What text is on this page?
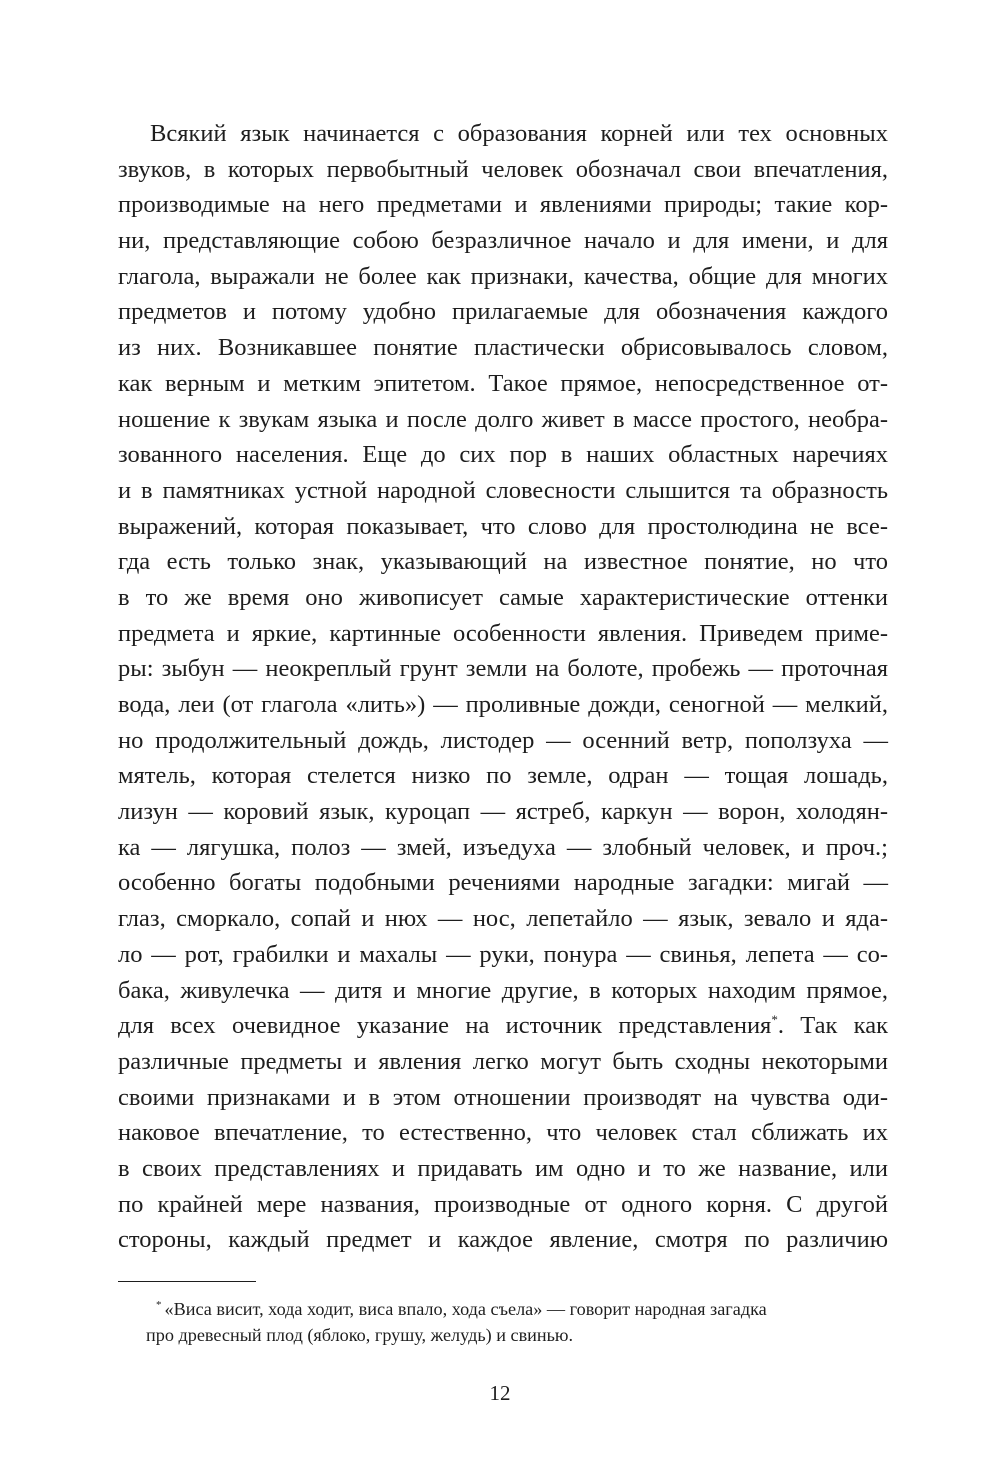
Всякий язык начинается с образования корней или тех основных
звуков, в которых первобытный человек обозначал свои впечатления,
производимые на него предметами и явлениями природы; такие кор-
ни, представляющие собою безразличное начало и для имени, и для
глагола, выражали не более как признаки, качества, общие для многих
предметов и потому удобно прилагаемые для обозначения каждого
из них. Возникавшее понятие пластически обрисовывалось словом,
как верным и метким эпитетом. Такое прямое, непосредственное от-
ношение к звукам языка и после долго живет в массе простого, необра-
зованного населения. Еще до сих пор в наших областных наречиях
и в памятниках устной народной словесности слышится та образность
выражений, которая показывает, что слово для простолюдина не все-
гда есть только знак, указывающий на известное понятие, но что
в то же время оно живописует самые характеристические оттенки
предмета и яркие, картинные особенности явления. Приведем приме-
ры: зыбун — неокреплый грунт земли на болоте, пробежь — проточная
вода, леи (от глагола «лить») — проливные дожди, сеногной — мелкий,
но продолжительный дождь, листодер — осенний ветр, поползуха —
мятель, которая стелется низко по земле, одран — тощая лошадь,
лизун — коровий язык, куроцап — ястреб, каркун — ворон, холодян-
ка — лягушка, полоз — змей, изъедуха — злобный человек, и проч.;
особенно богаты подобными речениями народные загадки: мигай —
глаз, сморкало, сопай и нюх — нос, лепетайло — язык, зевало и яда-
ло — рот, грабилки и махалы — руки, понура — свинья, лепета — со-
бака, живулечка — дитя и многие другие, в которых находим прямое,
для всех очевидное указание на источник представления*. Так как
различные предметы и явления легко могут быть сходны некоторыми
своими признаками и в этом отношении производят на чувства оди-
наковое впечатление, то естественно, что человек стал сближать их
в своих представлениях и придавать им одно и то же название, или
по крайней мере названия, производные от одного корня. С другой
стороны, каждый предмет и каждое явление, смотря по различию
* «Виса висит, хода ходит, виса впало, хода съела» — говорит народная загадка
про древесный плод (яблоко, грушу, желудь) и свинью.
12
